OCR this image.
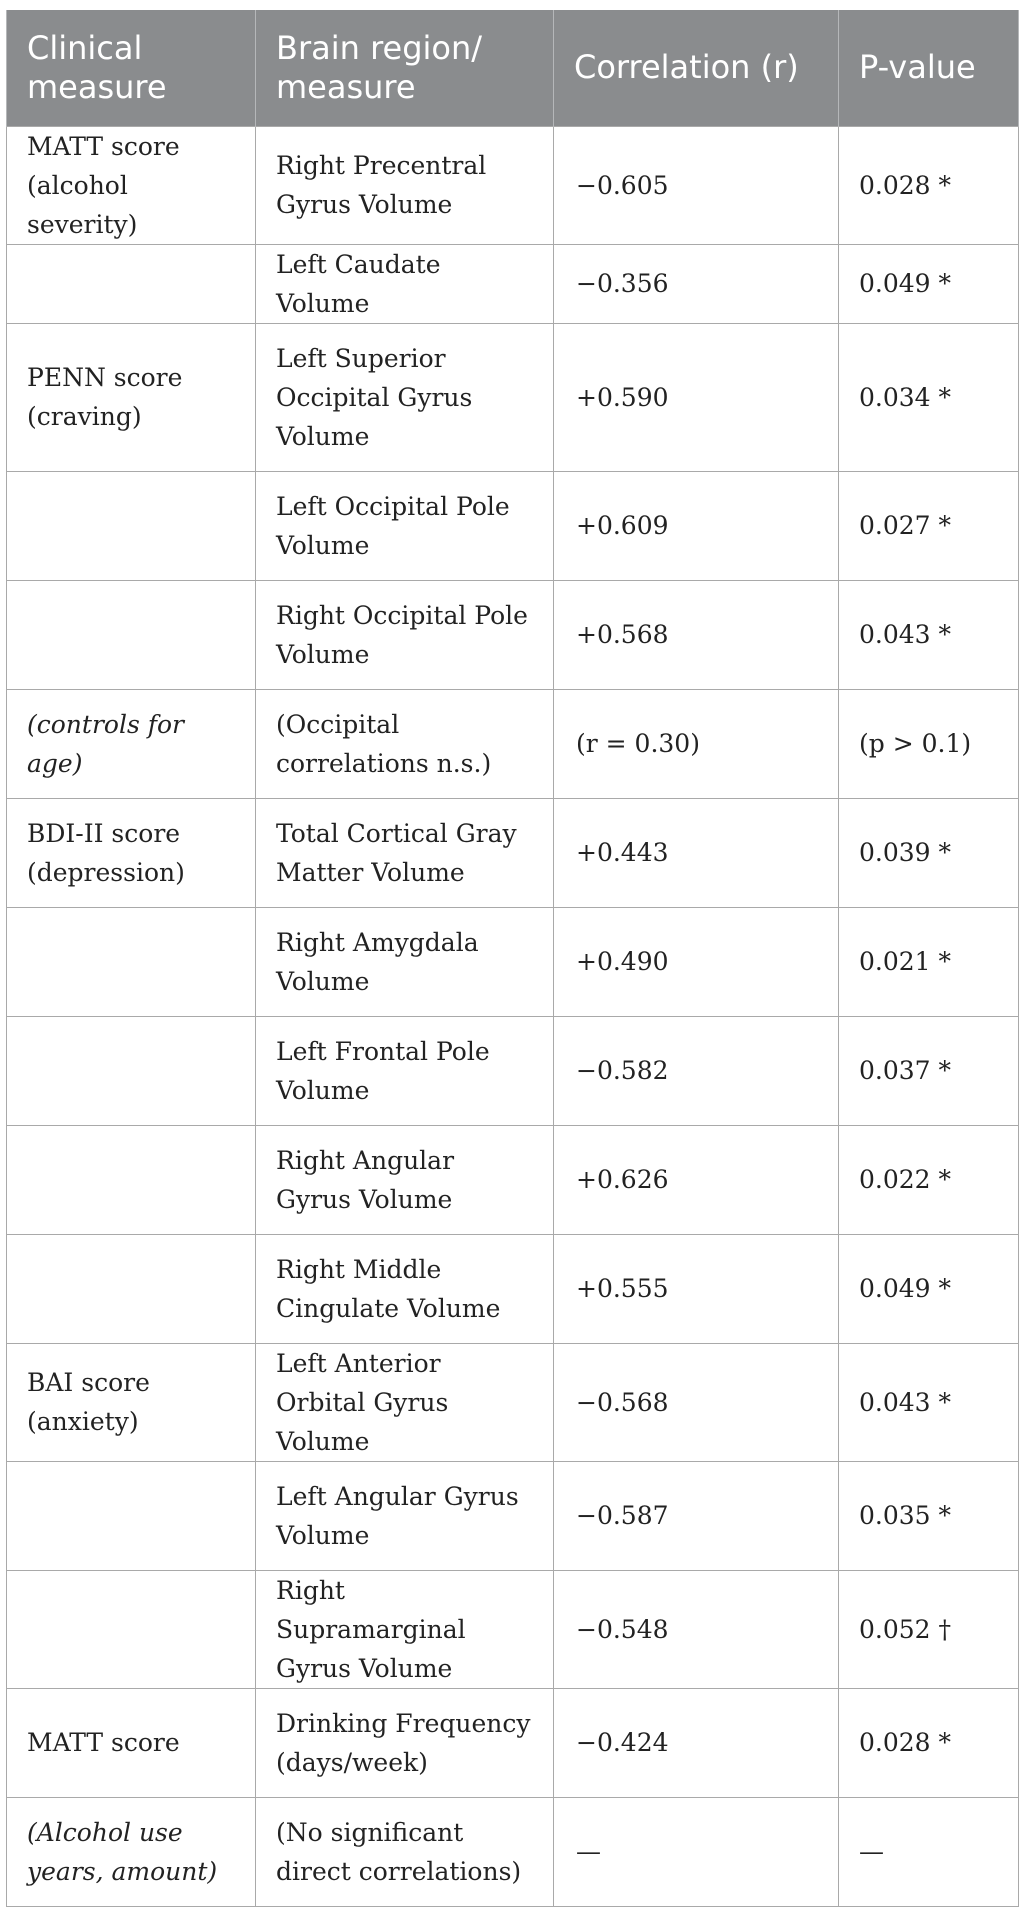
Clinical measure	Brain region/ measure	Correlation (r)	P-value
MATT score (alcohol severity)	Right Precentral Gyrus Volume	−0.605	0.028 *
	Left Caudate Volume	−0.356	0.049 *
PENN score (craving)	Left Superior Occipital Gyrus Volume	+0.590	0.034 *
	Left Occipital Pole Volume	+0.609	0.027 *
	Right Occipital Pole Volume	+0.568	0.043 *
(controls for age)	(Occipital correlations n.s.)	(r = 0.30)	(p > 0.1)
BDI-II score (depression)	Total Cortical Gray Matter Volume	+0.443	0.039 *
	Right Amygdala Volume	+0.490	0.021 *
	Left Frontal Pole Volume	−0.582	0.037 *
	Right Angular Gyrus Volume	+0.626	0.022 *
	Right Middle Cingulate Volume	+0.555	0.049 *
BAI score (anxiety)	Left Anterior Orbital Gyrus Volume	−0.568	0.043 *
	Left Angular Gyrus Volume	−0.587	0.035 *
	Right Supramarginal Gyrus Volume	−0.548	0.052 †
MATT score	Drinking Frequency (days/week)	−0.424	0.028 *
(Alcohol use years, amount)	(No significant direct correlations)	—	—
